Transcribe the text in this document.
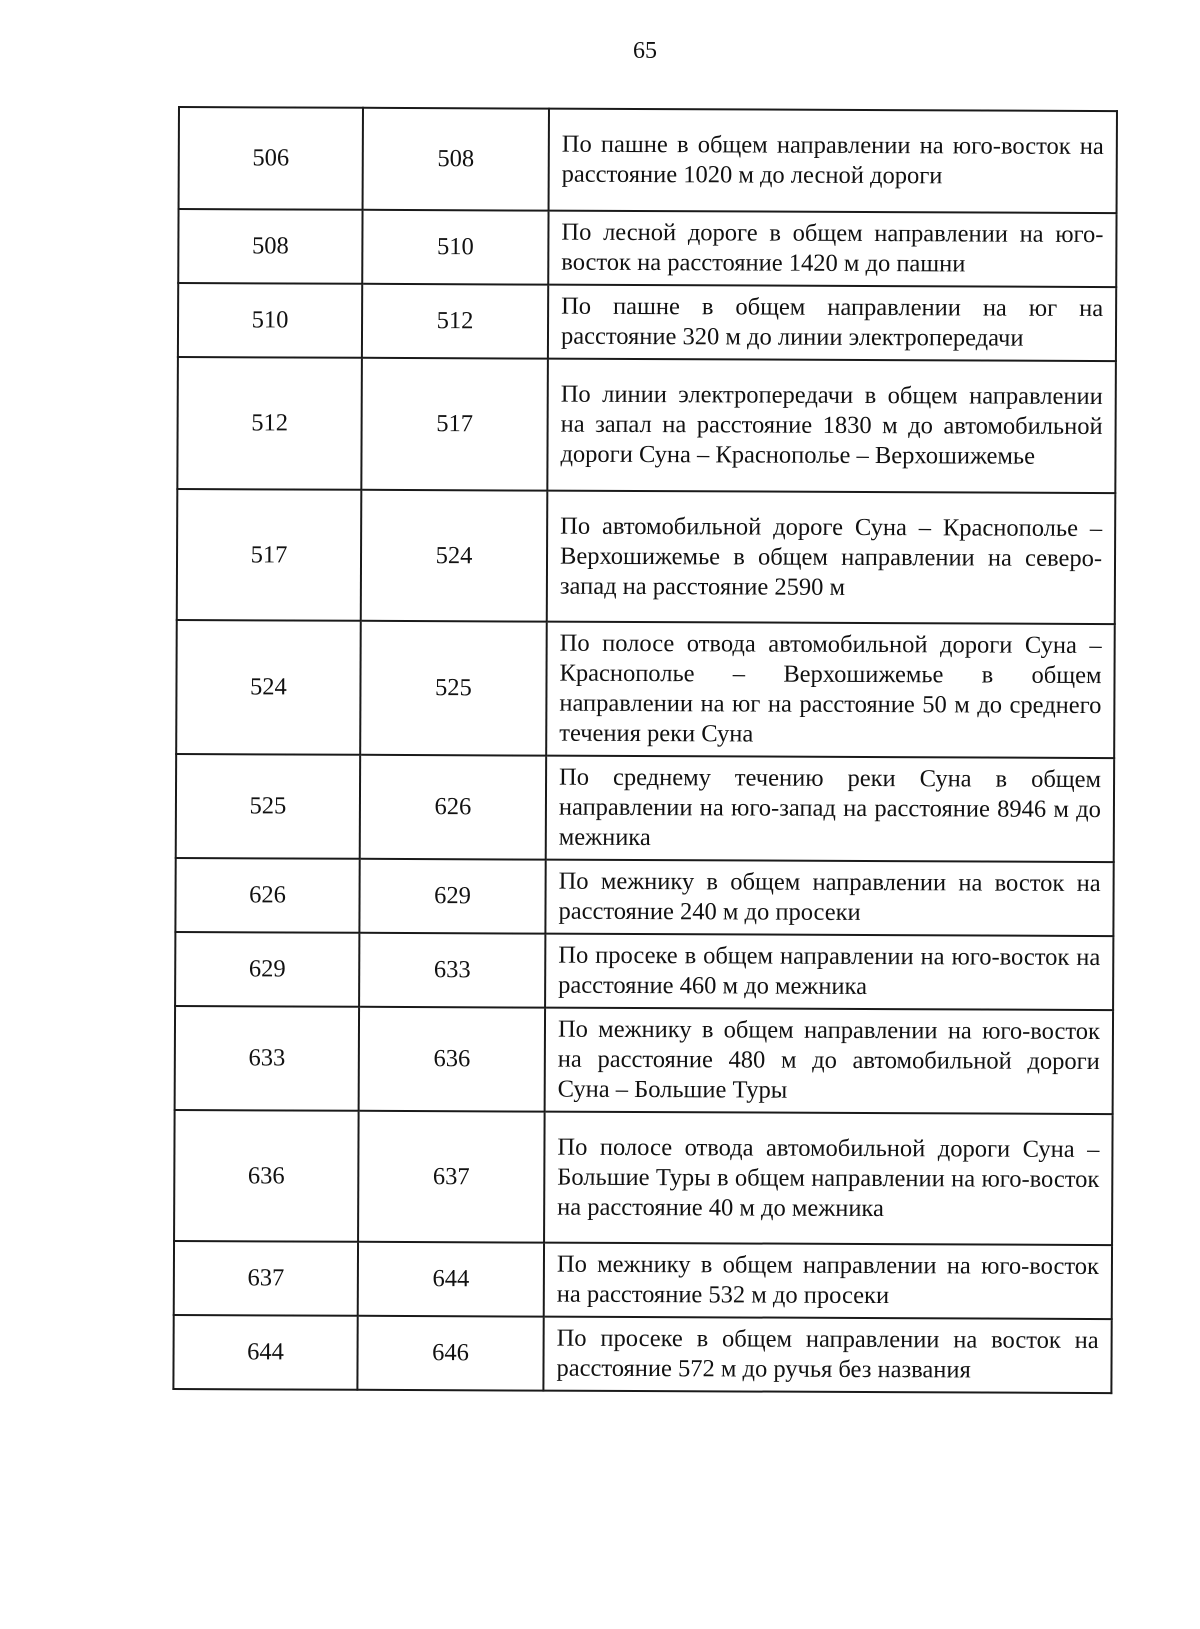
65
506	508	По пашне в общем направлении на юго-восток на расстояние 1020 м до лесной дороги
508	510	По лесной дороге в общем направлении на юго-восток на расстояние 1420 м до пашни
510	512	По пашне в общем направлении на юг на расстояние 320 м до линии электропередачи
512	517	По линии электропередачи в общем направлении на запал на расстояние 1830 м до автомобильной дороги Суна – Краснополье – Верхошижемье
517	524	По автомобильной дороге Суна – Краснополье – Верхошижемье в общем направлении на северо-запад на расстояние 2590 м
524	525	По полосе отвода автомобильной дороги Суна – Краснополье – Верхошижемье в общем направлении на юг на расстояние 50 м до среднего течения реки Суна
525	626	По среднему течению реки Суна в общем направлении на юго-запад на расстояние 8946 м до межника
626	629	По межнику в общем направлении на восток на расстояние 240 м до просеки
629	633	По просеке в общем направлении на юго-восток на расстояние 460 м до межника
633	636	По межнику в общем направлении на юго-восток на расстояние 480 м до автомобильной дороги Суна – Большие Туры
636	637	По полосе отвода автомобильной дороги Суна – Большие Туры в общем направлении на юго-восток на расстояние 40 м до межника
637	644	По межнику в общем направлении на юго-восток на расстояние 532 м до просеки
644	646	По просеке в общем направлении на восток на расстояние 572 м до ручья без названия
